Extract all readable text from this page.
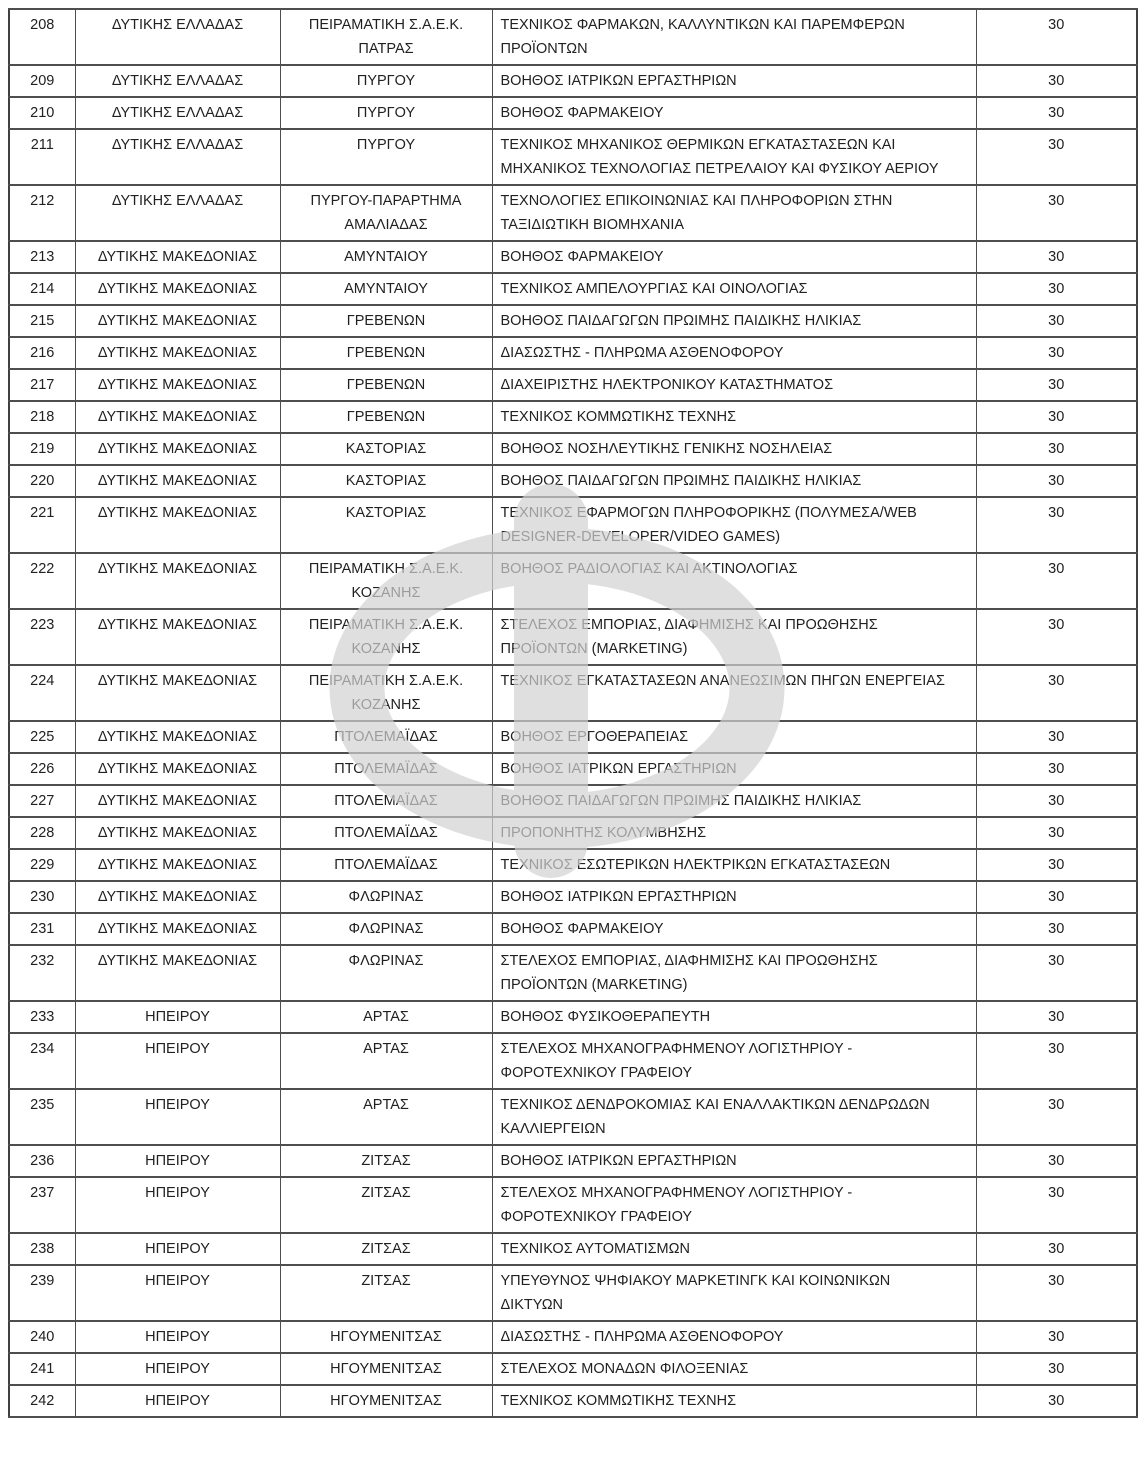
208	ΔΥΤΙΚΗΣ ΕΛΛΑΔΑΣ	ΠΕΙΡΑΜΑΤΙΚΗ Σ.Α.Ε.Κ. ΠΑΤΡΑΣ	ΤΕΧΝΙΚΟΣ ΦΑΡΜΑΚΩΝ, ΚΑΛΛΥΝΤΙΚΩΝ ΚΑΙ ΠΑΡΕΜΦΕΡΩΝ ΠΡΟΪΟΝΤΩΝ	30
209	ΔΥΤΙΚΗΣ ΕΛΛΑΔΑΣ	ΠΥΡΓΟΥ	ΒΟΗΘΟΣ ΙΑΤΡΙΚΩΝ ΕΡΓΑΣΤΗΡΙΩΝ	30
210	ΔΥΤΙΚΗΣ ΕΛΛΑΔΑΣ	ΠΥΡΓΟΥ	ΒΟΗΘΟΣ ΦΑΡΜΑΚΕΙΟΥ	30
211	ΔΥΤΙΚΗΣ ΕΛΛΑΔΑΣ	ΠΥΡΓΟΥ	ΤΕΧΝΙΚΟΣ ΜΗΧΑΝΙΚΟΣ ΘΕΡΜΙΚΩΝ ΕΓΚΑΤΑΣΤΑΣΕΩΝ ΚΑΙ ΜΗΧΑΝΙΚΟΣ ΤΕΧΝΟΛΟΓΙΑΣ ΠΕΤΡΕΛΑΙΟΥ ΚΑΙ ΦΥΣΙΚΟΥ ΑΕΡΙΟΥ	30
212	ΔΥΤΙΚΗΣ ΕΛΛΑΔΑΣ	ΠΥΡΓΟΥ-ΠΑΡΑΡΤΗΜΑ ΑΜΑΛΙΑΔΑΣ	ΤΕΧΝΟΛΟΓΙΕΣ ΕΠΙΚΟΙΝΩΝΙΑΣ ΚΑΙ ΠΛΗΡΟΦΟΡΙΩΝ ΣΤΗΝ ΤΑΞΙΔΙΩΤΙΚΗ ΒΙΟΜΗΧΑΝΙΑ	30
213	ΔΥΤΙΚΗΣ ΜΑΚΕΔΟΝΙΑΣ	ΑΜΥΝΤΑΙΟΥ	ΒΟΗΘΟΣ ΦΑΡΜΑΚΕΙΟΥ	30
214	ΔΥΤΙΚΗΣ ΜΑΚΕΔΟΝΙΑΣ	ΑΜΥΝΤΑΙΟΥ	ΤΕΧΝΙΚΟΣ ΑΜΠΕΛΟΥΡΓΙΑΣ ΚΑΙ ΟΙΝΟΛΟΓΙΑΣ	30
215	ΔΥΤΙΚΗΣ ΜΑΚΕΔΟΝΙΑΣ	ΓΡΕΒΕΝΩΝ	ΒΟΗΘΟΣ ΠΑΙΔΑΓΩΓΩΝ ΠΡΩΙΜΗΣ ΠΑΙΔΙΚΗΣ ΗΛΙΚΙΑΣ	30
216	ΔΥΤΙΚΗΣ ΜΑΚΕΔΟΝΙΑΣ	ΓΡΕΒΕΝΩΝ	ΔΙΑΣΩΣΤΗΣ - ΠΛΗΡΩΜΑ ΑΣΘΕΝΟΦΟΡΟΥ	30
217	ΔΥΤΙΚΗΣ ΜΑΚΕΔΟΝΙΑΣ	ΓΡΕΒΕΝΩΝ	ΔΙΑΧΕΙΡΙΣΤΗΣ ΗΛΕΚΤΡΟΝΙΚΟΥ ΚΑΤΑΣΤΗΜΑΤΟΣ	30
218	ΔΥΤΙΚΗΣ ΜΑΚΕΔΟΝΙΑΣ	ΓΡΕΒΕΝΩΝ	ΤΕΧΝΙΚΟΣ ΚΟΜΜΩΤΙΚΗΣ ΤΕΧΝΗΣ	30
219	ΔΥΤΙΚΗΣ ΜΑΚΕΔΟΝΙΑΣ	ΚΑΣΤΟΡΙΑΣ	ΒΟΗΘΟΣ ΝΟΣΗΛΕΥΤΙΚΗΣ ΓΕΝΙΚΗΣ ΝΟΣΗΛΕΙΑΣ	30
220	ΔΥΤΙΚΗΣ ΜΑΚΕΔΟΝΙΑΣ	ΚΑΣΤΟΡΙΑΣ	ΒΟΗΘΟΣ ΠΑΙΔΑΓΩΓΩΝ ΠΡΩΙΜΗΣ ΠΑΙΔΙΚΗΣ ΗΛΙΚΙΑΣ	30
221	ΔΥΤΙΚΗΣ ΜΑΚΕΔΟΝΙΑΣ	ΚΑΣΤΟΡΙΑΣ	ΤΕΧΝΙΚΟΣ ΕΦΑΡΜΟΓΩΝ ΠΛΗΡΟΦΟΡΙΚΗΣ (ΠΟΛΥΜΕΣΑ/WEB DESIGNER-DEVELOPER/VIDEO GAMES)	30
222	ΔΥΤΙΚΗΣ ΜΑΚΕΔΟΝΙΑΣ	ΠΕΙΡΑΜΑΤΙΚΗ Σ.Α.Ε.Κ. ΚΟΖΑΝΗΣ	ΒΟΗΘΟΣ ΡΑΔΙΟΛΟΓΙΑΣ ΚΑΙ ΑΚΤΙΝΟΛΟΓΙΑΣ	30
223	ΔΥΤΙΚΗΣ ΜΑΚΕΔΟΝΙΑΣ	ΠΕΙΡΑΜΑΤΙΚΗ Σ.Α.Ε.Κ. ΚΟΖΑΝΗΣ	ΣΤΕΛΕΧΟΣ ΕΜΠΟΡΙΑΣ, ΔΙΑΦΗΜΙΣΗΣ ΚΑΙ ΠΡΟΩΘΗΣΗΣ ΠΡΟΪΟΝΤΩΝ (MARKETING)	30
224	ΔΥΤΙΚΗΣ ΜΑΚΕΔΟΝΙΑΣ	ΠΕΙΡΑΜΑΤΙΚΗ Σ.Α.Ε.Κ. ΚΟΖΑΝΗΣ	ΤΕΧΝΙΚΟΣ ΕΓΚΑΤΑΣΤΑΣΕΩΝ ΑΝΑΝΕΩΣΙΜΩΝ ΠΗΓΩΝ ΕΝΕΡΓΕΙΑΣ	30
225	ΔΥΤΙΚΗΣ ΜΑΚΕΔΟΝΙΑΣ	ΠΤΟΛΕΜΑΪΔΑΣ	ΒΟΗΘΟΣ ΕΡΓΟΘΕΡΑΠΕΙΑΣ	30
226	ΔΥΤΙΚΗΣ ΜΑΚΕΔΟΝΙΑΣ	ΠΤΟΛΕΜΑΪΔΑΣ	ΒΟΗΘΟΣ ΙΑΤΡΙΚΩΝ ΕΡΓΑΣΤΗΡΙΩΝ	30
227	ΔΥΤΙΚΗΣ ΜΑΚΕΔΟΝΙΑΣ	ΠΤΟΛΕΜΑΪΔΑΣ	ΒΟΗΘΟΣ ΠΑΙΔΑΓΩΓΩΝ ΠΡΩΙΜΗΣ ΠΑΙΔΙΚΗΣ ΗΛΙΚΙΑΣ	30
228	ΔΥΤΙΚΗΣ ΜΑΚΕΔΟΝΙΑΣ	ΠΤΟΛΕΜΑΪΔΑΣ	ΠΡΟΠΟΝΗΤΗΣ ΚΟΛΥΜΒΗΣΗΣ	30
229	ΔΥΤΙΚΗΣ ΜΑΚΕΔΟΝΙΑΣ	ΠΤΟΛΕΜΑΪΔΑΣ	ΤΕΧΝΙΚΟΣ ΕΣΩΤΕΡΙΚΩΝ ΗΛΕΚΤΡΙΚΩΝ ΕΓΚΑΤΑΣΤΑΣΕΩΝ	30
230	ΔΥΤΙΚΗΣ ΜΑΚΕΔΟΝΙΑΣ	ΦΛΩΡΙΝΑΣ	ΒΟΗΘΟΣ ΙΑΤΡΙΚΩΝ ΕΡΓΑΣΤΗΡΙΩΝ	30
231	ΔΥΤΙΚΗΣ ΜΑΚΕΔΟΝΙΑΣ	ΦΛΩΡΙΝΑΣ	ΒΟΗΘΟΣ ΦΑΡΜΑΚΕΙΟΥ	30
232	ΔΥΤΙΚΗΣ ΜΑΚΕΔΟΝΙΑΣ	ΦΛΩΡΙΝΑΣ	ΣΤΕΛΕΧΟΣ ΕΜΠΟΡΙΑΣ, ΔΙΑΦΗΜΙΣΗΣ ΚΑΙ ΠΡΟΩΘΗΣΗΣ ΠΡΟΪΟΝΤΩΝ (MARKETING)	30
233	ΗΠΕΙΡΟΥ	ΑΡΤΑΣ	ΒΟΗΘΟΣ ΦΥΣΙΚΟΘΕΡΑΠΕΥΤΗ	30
234	ΗΠΕΙΡΟΥ	ΑΡΤΑΣ	ΣΤΕΛΕΧΟΣ ΜΗΧΑΝΟΓΡΑΦΗΜΕΝΟΥ ΛΟΓΙΣΤΗΡΙΟΥ - ΦΟΡΟΤΕΧΝΙΚΟΥ ΓΡΑΦΕΙΟΥ	30
235	ΗΠΕΙΡΟΥ	ΑΡΤΑΣ	ΤΕΧΝΙΚΟΣ ΔΕΝΔΡΟΚΟΜΙΑΣ ΚΑΙ ΕΝΑΛΛΑΚΤΙΚΩΝ ΔΕΝΔΡΩΔΩΝ ΚΑΛΛΙΕΡΓΕΙΩΝ	30
236	ΗΠΕΙΡΟΥ	ΖΙΤΣΑΣ	ΒΟΗΘΟΣ ΙΑΤΡΙΚΩΝ ΕΡΓΑΣΤΗΡΙΩΝ	30
237	ΗΠΕΙΡΟΥ	ΖΙΤΣΑΣ	ΣΤΕΛΕΧΟΣ ΜΗΧΑΝΟΓΡΑΦΗΜΕΝΟΥ ΛΟΓΙΣΤΗΡΙΟΥ - ΦΟΡΟΤΕΧΝΙΚΟΥ ΓΡΑΦΕΙΟΥ	30
238	ΗΠΕΙΡΟΥ	ΖΙΤΣΑΣ	ΤΕΧΝΙΚΟΣ ΑΥΤΟΜΑΤΙΣΜΩΝ	30
239	ΗΠΕΙΡΟΥ	ΖΙΤΣΑΣ	ΥΠΕΥΘΥΝΟΣ ΨΗΦΙΑΚΟΥ ΜΑΡΚΕΤΙΝΓΚ ΚΑΙ ΚΟΙΝΩΝΙΚΩΝ ΔΙΚΤΥΩΝ	30
240	ΗΠΕΙΡΟΥ	ΗΓΟΥΜΕΝΙΤΣΑΣ	ΔΙΑΣΩΣΤΗΣ - ΠΛΗΡΩΜΑ ΑΣΘΕΝΟΦΟΡΟΥ	30
241	ΗΠΕΙΡΟΥ	ΗΓΟΥΜΕΝΙΤΣΑΣ	ΣΤΕΛΕΧΟΣ ΜΟΝΑΔΩΝ ΦΙΛΟΞΕΝΙΑΣ	30
242	ΗΠΕΙΡΟΥ	ΗΓΟΥΜΕΝΙΤΣΑΣ	ΤΕΧΝΙΚΟΣ ΚΟΜΜΩΤΙΚΗΣ ΤΕΧΝΗΣ	30
